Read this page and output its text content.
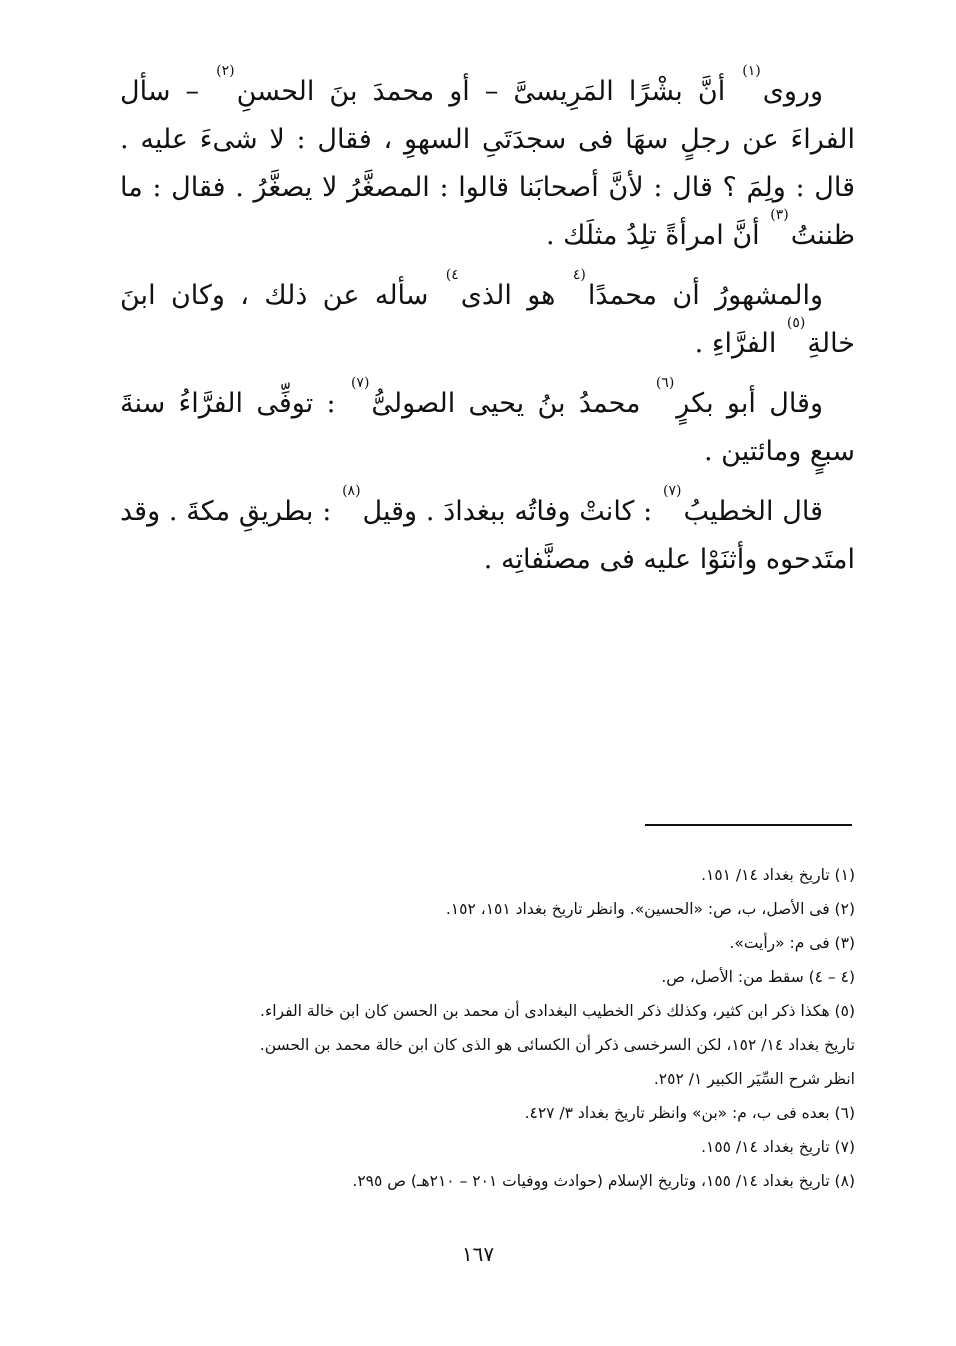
وروى$^{(١)}$ أنَّ بشْرًا المَرِيسىَّ – أو محمدَ بنَ الحسنِ$^{(٢)}$ – سأل الفراءَ عن رجلٍ سهَا فى سجدَتَىِ السهوِ ، فقال : لا شىءَ عليه . قال : ولِمَ ؟ قال : لأنَّ أصحابَنا قالوا : المصغَّرُ لا يصغَّرُ . فقال : ما ظننتُ$^{(٣)}$ أنَّ امرأةً تلِدُ مثلَك .

والمشهورُ أن محمدًا$^{(٤}$ هو الذى$^{٤)}$ سأله عن ذلك ، وكان ابنَ خالةِ$^{(٥)}$ الفرَّاءِ .

وقال أبو بكرٍ$^{(٦)}$ محمدُ بنُ يحيى الصولىُّ$^{(٧)}$ : توفِّى الفرَّاءُ سنةَ سبعٍ ومائتين .

قال الخطيبُ$^{(٧)}$ : كانتْ وفاتُه ببغدادَ . وقيل$^{(٨)}$ : بطريقِ مكةَ . وقد امتَدحوه وأثنَوْا عليه فى مصنَّفاتِه .

(١) تاريخ بغداد ١٤/ ١٥١.
(٢) فى الأصل، ب، ص: «الحسين». وانظر تاريخ بغداد ١٥١، ١٥٢.
(٣) فى م: «رأيت».
(٤ – ٤) سقط من: الأصل، ص.
(٥) هكذا ذكر ابن كثير، وكذلك ذكر الخطيب البغدادى أن محمد بن الحسن كان ابن خالة الفراء.
تاريخ بغداد ١٤/ ١٥٢، لكن السرخسى ذكر أن الكسائى هو الذى كان ابن خالة محمد بن الحسن.
انظر شرح السِّيَر الكبير ١/ ٢٥٢.
(٦) بعده فى ب، م: «بن» وانظر تاريخ بغداد ٣/ ٤٢٧.
(٧) تاريخ بغداد ١٤/ ١٥٥.
(٨) تاريخ بغداد ١٤/ ١٥٥، وتاريخ الإسلام (حوادث ووفيات ٢٠١ – ٢١٠هـ) ص ٢٩٥.
١٦٧
